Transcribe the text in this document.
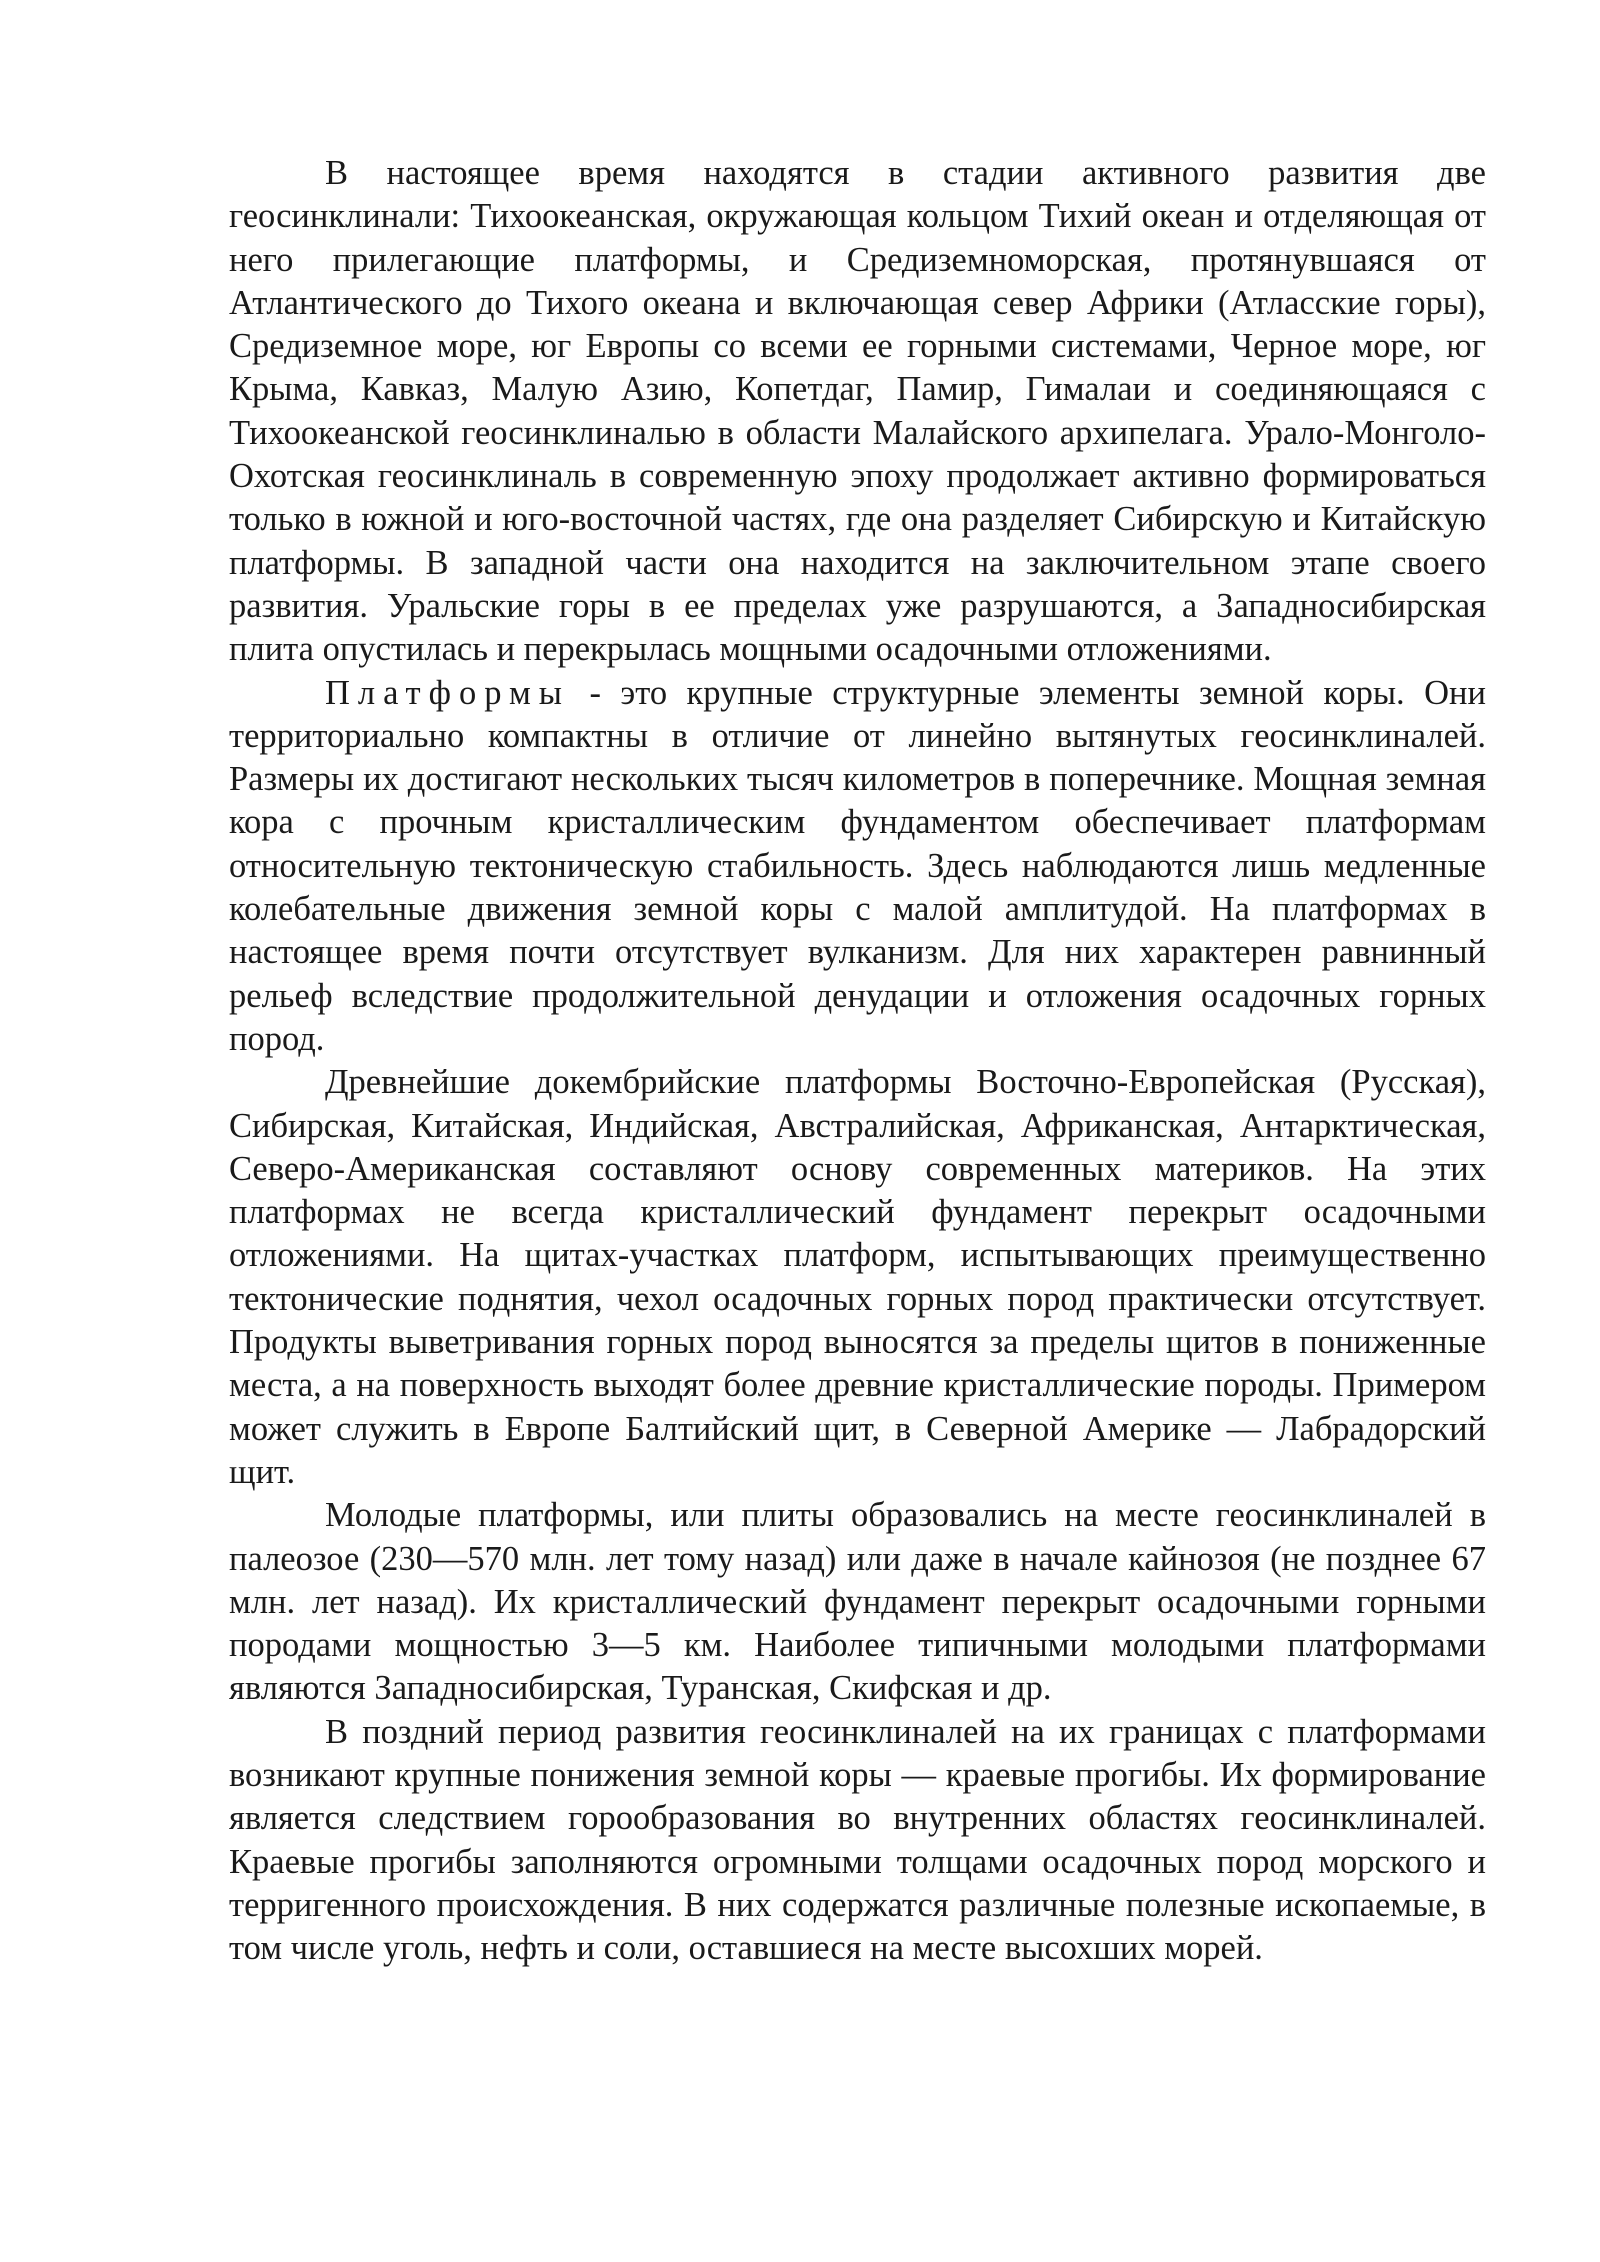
В настоящее время находятся в стадии активного развития две геосинклинали: Тихоокеанская, окружающая кольцом Тихий океан и отделяющая от него прилегающие платформы, и Средиземноморская, протянувшаяся от Атлантического до Тихого океана и включающая север Африки (Атласские горы), Средиземное море, юг Европы со всеми ее горными системами, Черное море, юг Крыма, Кавказ, Малую Азию, Копетдаг, Памир, Гималаи и соединяющаяся с Тихоокеанской геосинклиналью в области Малайского архипелага. Урало-Монголо-Охотская геосинклиналь в современную эпоху продолжает активно формироваться только в южной и юго-восточной частях, где она разделяет Сибирскую и Китайскую платформы. В западной части она находится на заключительном этапе своего развития. Уральские горы в ее пределах уже разрушаются, а Западносибирская плита опустилась и перекрылась мощными осадочными отложениями.

Платформы - это крупные структурные элементы земной коры. Они территориально компактны в отличие от линейно вытянутых геосинклиналей. Размеры их достигают нескольких тысяч километров в поперечнике. Мощная земная кора с прочным кристаллическим фундаментом обеспечивает платформам относительную тектоническую стабильность. Здесь наблюдаются лишь медленные колебательные движения земной коры с малой амплитудой. На платформах в настоящее время почти отсутствует вулканизм. Для них характерен равнинный рельеф вследствие продолжительной денудации и отложения осадочных горных пород.

Древнейшие докембрийские платформы Восточно-Европейская (Русская), Сибирская, Китайская, Индийская, Австралийская, Африканская, Антарктическая, Северо-Американская составляют основу современных материков. На этих платформах не всегда кристаллический фундамент перекрыт осадочными отложениями. На щитах-участках платформ, испытывающих преимущественно тектонические поднятия, чехол осадочных горных пород практически отсутствует. Продукты выветривания горных пород выносятся за пределы щитов в пониженные места, а на поверхность выходят более древние кристаллические породы. Примером может служить в Европе Балтийский щит, в Северной Америке — Лабрадорский щит.

Молодые платформы, или плиты образовались на месте геосинклиналей в палеозое (230—570 млн. лет тому назад) или даже в начале кайнозоя (не позднее 67 млн. лет назад). Их кристаллический фундамент перекрыт осадочными горными породами мощностью 3—5 км. Наиболее типичными молодыми платформами являются Западносибирская, Туранская, Скифская и др.

В поздний период развития геосинклиналей на их границах с платформами возникают крупные понижения земной коры — краевые прогибы. Их формирование является следствием горообразования во внутренних областях геосинклиналей. Краевые прогибы заполняются огромными толщами осадочных пород морского и терригенного происхождения. В них содержатся различные полезные ископаемые, в том числе уголь, нефть и соли, оставшиеся на месте высохших морей.
